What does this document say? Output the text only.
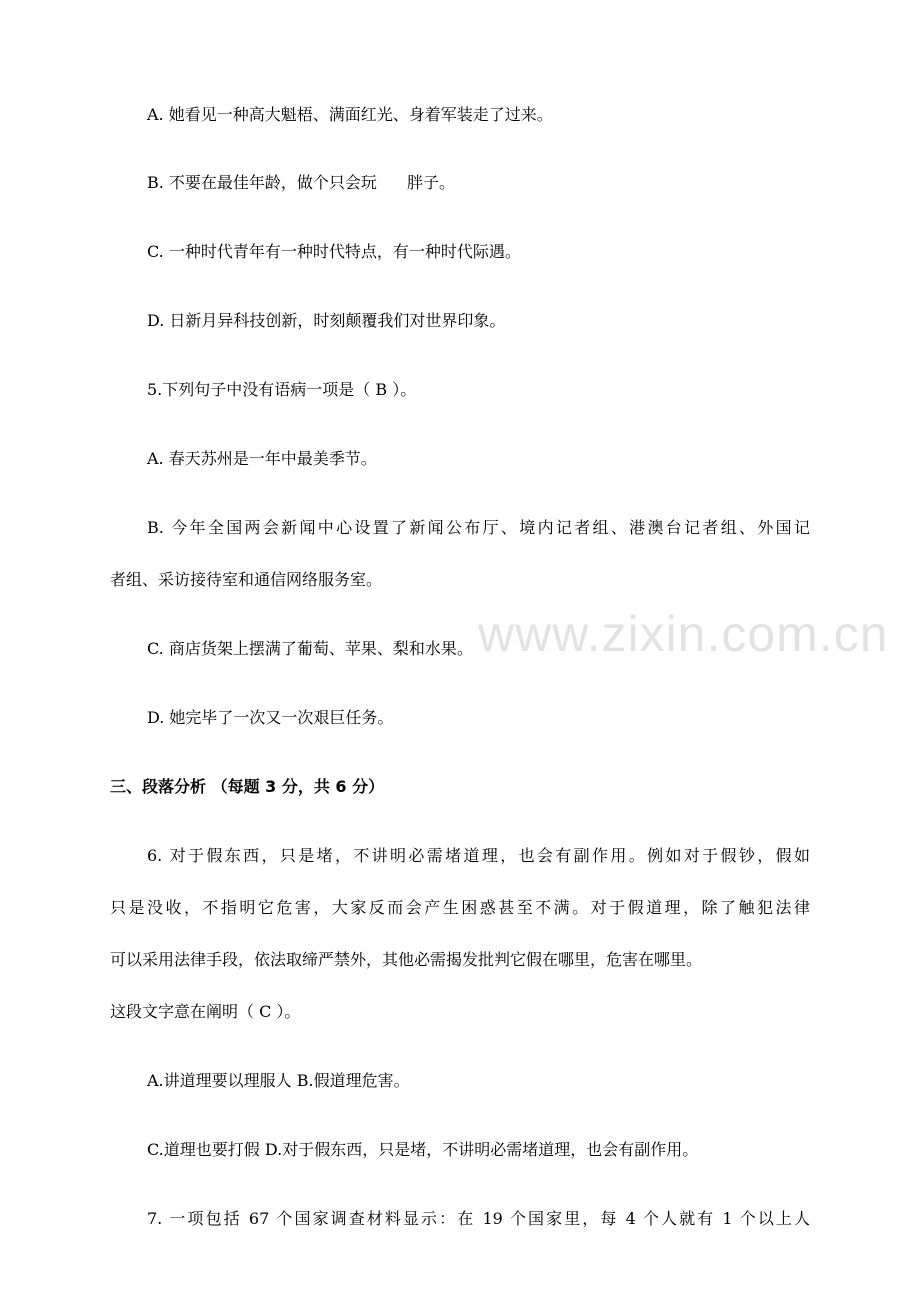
www.zixin.com.cn
A. 她看见一种高大魁梧、满面红光、身着军装走了过来。
B. 不要在最佳年龄，做个只会玩 胖子。
C. 一种时代青年有一种时代特点，有一种时代际遇。
D. 日新月异科技创新，时刻颠覆我们对世界印象。
5.下列句子中没有语病一项是（ B ）。
A. 春天苏州是一年中最美季节。
B. 今年全国两会新闻中心设置了新闻公布厅、境内记者组、港澳台记者组、外国记
者组、采访接待室和通信网络服务室。
C. 商店货架上摆满了葡萄、苹果、梨和水果。
D. 她完毕了一次又一次艰巨任务。
三、段落分析 （每题 3 分，共 6 分）
6. 对于假东西，只是堵，不讲明必需堵道理，也会有副作用。例如对于假钞，假如
只是没收，不指明它危害，大家反而会产生困惑甚至不满。对于假道理，除了触犯法律
可以采用法律手段，依法取缔严禁外，其他必需揭发批判它假在哪里，危害在哪里。
这段文字意在阐明（ C ）。
A.讲道理要以理服人 B.假道理危害。
C.道理也要打假 D.对于假东西，只是堵，不讲明必需堵道理，也会有副作用。
7. 一项包括 67 个国家调查材料显示：在 19 个国家里，每 4 个人就有 1 个以上人
